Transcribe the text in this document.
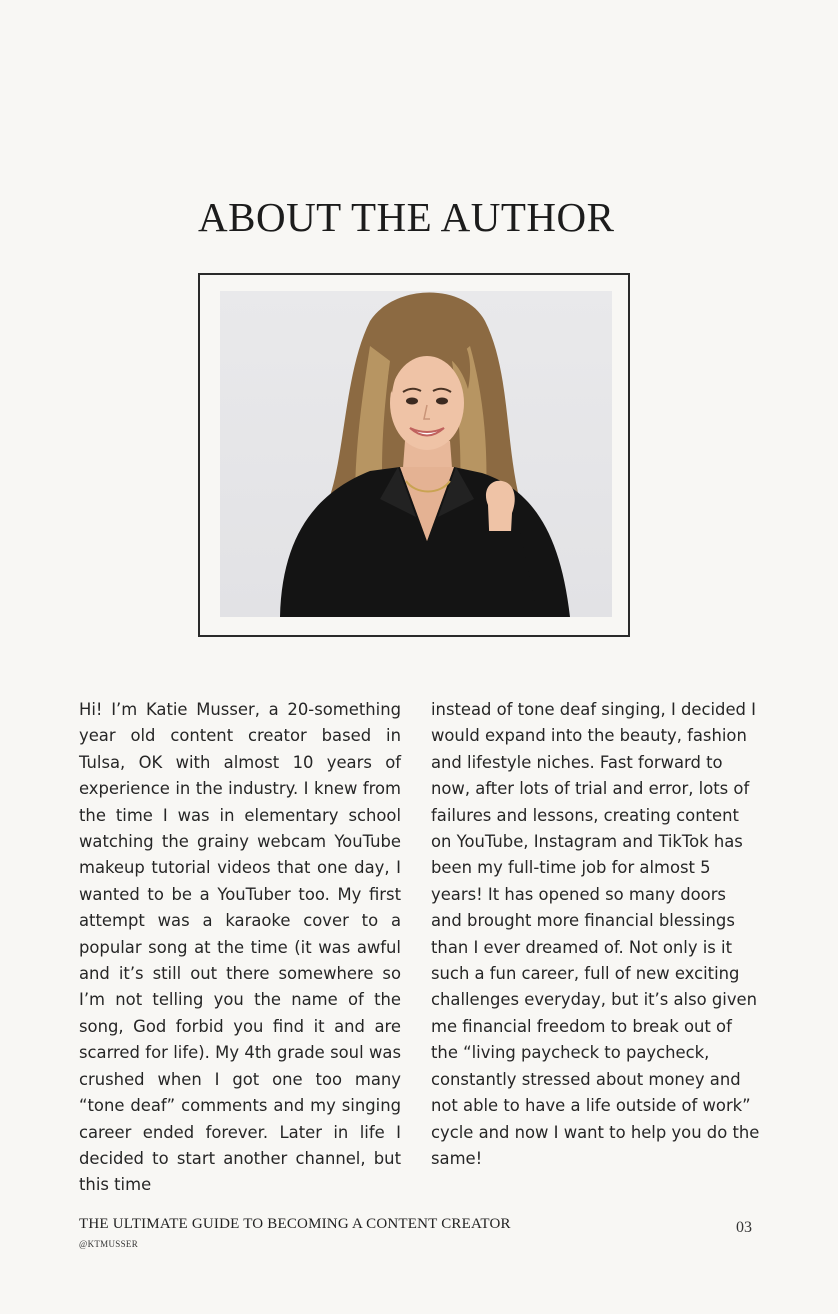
ABOUT THE AUTHOR
Hi! I’m Katie Musser, a 20-something year old content creator based in Tulsa, OK with almost 10 years of experience in the industry. I knew from the time I was in elementary school watching the grainy webcam YouTube makeup tutorial videos that one day, I wanted to be a YouTuber too. My first attempt was a karaoke cover to a popular song at the time (it was awful and it’s still out there somewhere so I’m not telling you the name of the song, God forbid you find it and are scarred for life). My 4th grade soul was crushed when I got one too many “tone deaf” comments and my singing career ended forever. Later in life I decided to start another channel, but this time
instead of tone deaf singing, I decided I would expand into the beauty, fashion and lifestyle niches. Fast forward to now, after lots of trial and error, lots of failures and lessons, creating content on YouTube, Instagram and TikTok has been my full-time job for almost 5 years! It has opened so many doors and brought more financial blessings than I ever dreamed of. Not only is it such a fun career, full of new exciting challenges everyday, but it’s also given me financial freedom to break out of the “living paycheck to paycheck, constantly stressed about money and not able to have a life outside of work” cycle and now I want to help you do the same!
THE ULTIMATE GUIDE TO BECOMING A CONTENT CREATOR
@KTMUSSER
03
